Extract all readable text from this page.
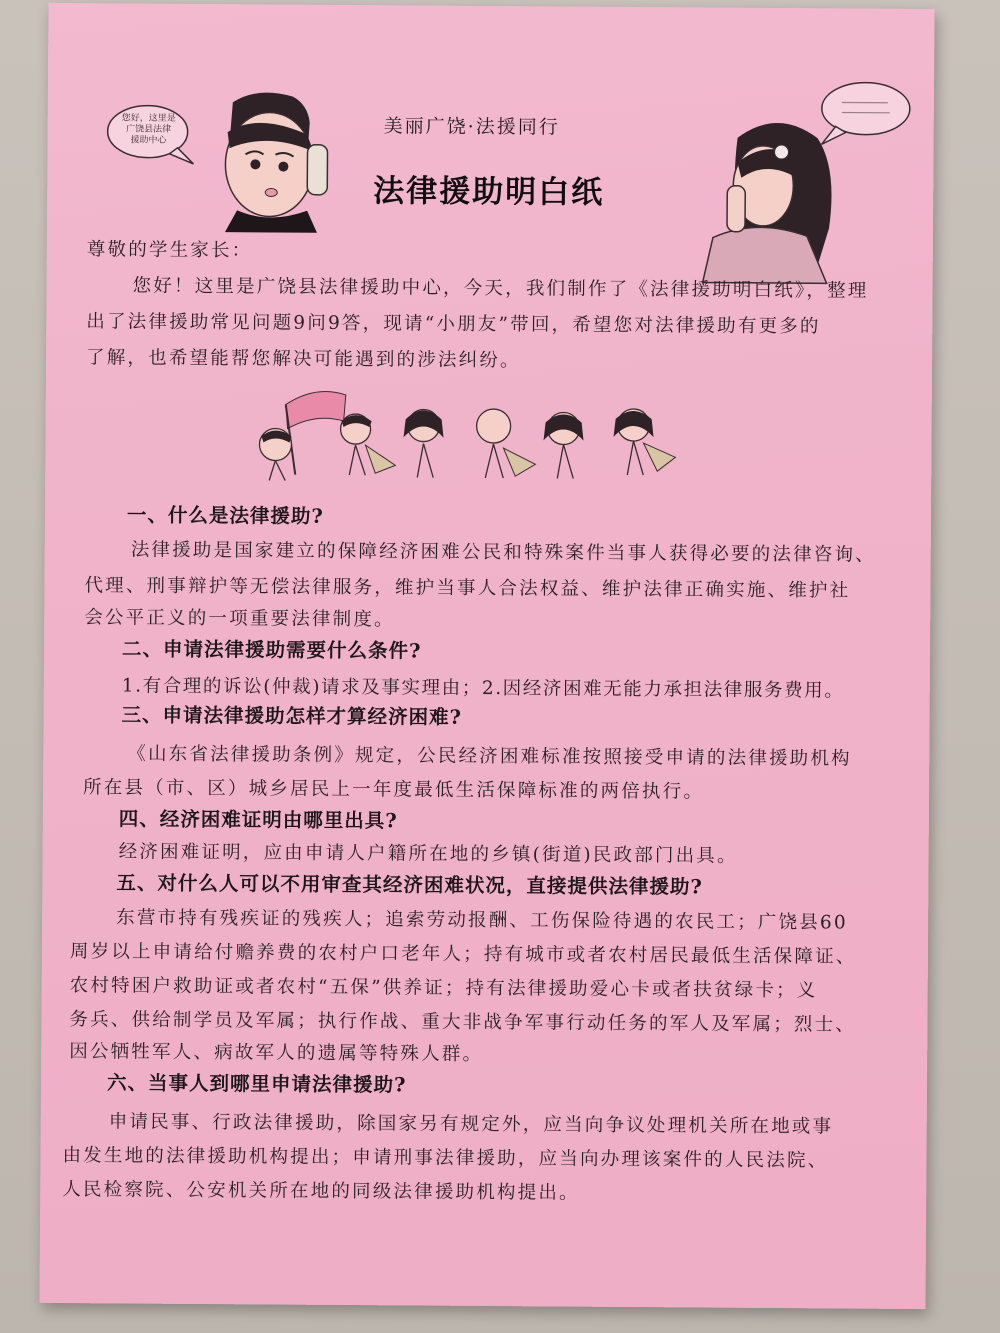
您好，这里是
广饶县法律
援助中心
美丽广饶·法援同行
法律援助明白纸
尊敬的学生家长：
您好！这里是广饶县法律援助中心，今天，我们制作了《法律援助明白纸》，整理
出了法律援助常见问题9问9答，现请“小朋友”带回，希望您对法律援助有更多的
了解，也希望能帮您解决可能遇到的涉法纠纷。
一、什么是法律援助?
法律援助是国家建立的保障经济困难公民和特殊案件当事人获得必要的法律咨询、
代理、刑事辩护等无偿法律服务，维护当事人合法权益、维护法律正确实施、维护社
会公平正义的一项重要法律制度。
二、申请法律援助需要什么条件?
1.有合理的诉讼(仲裁)请求及事实理由；2.因经济困难无能力承担法律服务费用。
三、申请法律援助怎样才算经济困难?
《山东省法律援助条例》规定，公民经济困难标准按照接受申请的法律援助机构
所在县（市、区）城乡居民上一年度最低生活保障标准的两倍执行。
四、经济困难证明由哪里出具?
经济困难证明，应由申请人户籍所在地的乡镇(街道)民政部门出具。
五、对什么人可以不用审查其经济困难状况，直接提供法律援助?
东营市持有残疾证的残疾人；追索劳动报酬、工伤保险待遇的农民工；广饶县60
周岁以上申请给付赡养费的农村户口老年人；持有城市或者农村居民最低生活保障证、
农村特困户救助证或者农村“五保”供养证；持有法律援助爱心卡或者扶贫绿卡；义
务兵、供给制学员及军属；执行作战、重大非战争军事行动任务的军人及军属；烈士、
因公牺牲军人、病故军人的遗属等特殊人群。
六、当事人到哪里申请法律援助?
申请民事、行政法律援助，除国家另有规定外，应当向争议处理机关所在地或事
由发生地的法律援助机构提出；申请刑事法律援助，应当向办理该案件的人民法院、
人民检察院、公安机关所在地的同级法律援助机构提出。
